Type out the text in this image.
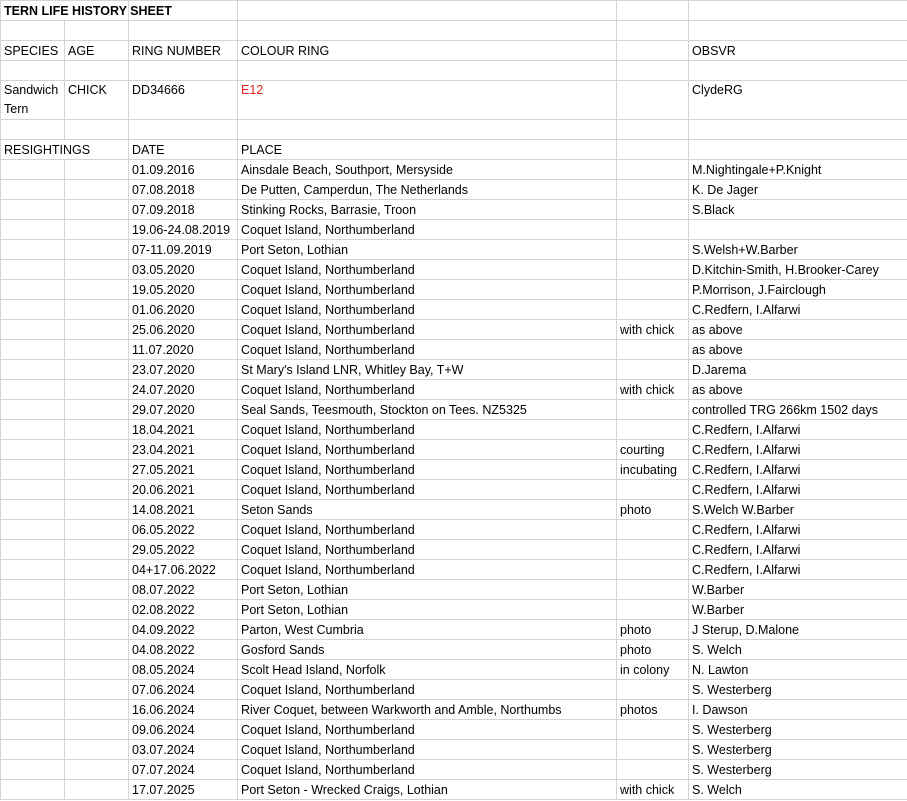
TERN LIFE HISTORY SHEET					

SPECIES	AGE	RING NUMBER	COLOUR RING		OBSVR

Sandwich Tern	CHICK	DD34666	E12		ClydeRG

RESIGHTINGS		DATE	PLACE		
		01.09.2016	Ainsdale Beach, Southport, Mersyside		M.Nightingale+P.Knight
		07.08.2018	De Putten, Camperdun, The Netherlands		K. De Jager
		07.09.2018	Stinking Rocks, Barrasie, Troon		S.Black
		19.06-24.08.2019	Coquet Island, Northumberland		
		07-11.09.2019	Port Seton, Lothian		S.Welsh+W.Barber
		03.05.2020	Coquet Island, Northumberland		D.Kitchin-Smith, H.Brooker-Carey
		19.05.2020	Coquet Island, Northumberland		P.Morrison, J.Fairclough
		01.06.2020	Coquet Island, Northumberland		C.Redfern, I.Alfarwi
		25.06.2020	Coquet Island, Northumberland	with chick	as above
		11.07.2020	Coquet Island, Northumberland		as above
		23.07.2020	St Mary's Island LNR, Whitley Bay, T+W		D.Jarema
		24.07.2020	Coquet Island, Northumberland	with chick	as above
		29.07.2020	Seal Sands, Teesmouth, Stockton on Tees. NZ5325		controlled TRG 266km 1502 days
		18.04.2021	Coquet Island, Northumberland		C.Redfern, I.Alfarwi
		23.04.2021	Coquet Island, Northumberland	courting	C.Redfern, I.Alfarwi
		27.05.2021	Coquet Island, Northumberland	incubating	C.Redfern, I.Alfarwi
		20.06.2021	Coquet Island, Northumberland		C.Redfern, I.Alfarwi
		14.08.2021	Seton Sands	photo	S.Welch W.Barber
		06.05.2022	Coquet Island, Northumberland		C.Redfern, I.Alfarwi
		29.05.2022	Coquet Island, Northumberland		C.Redfern, I.Alfarwi
		04+17.06.2022	Coquet Island, Northumberland		C.Redfern, I.Alfarwi
		08.07.2022	Port Seton, Lothian		W.Barber
		02.08.2022	Port Seton, Lothian		W.Barber
		04.09.2022	Parton, West Cumbria	photo	J Sterup, D.Malone
		04.08.2022	Gosford Sands	photo	S. Welch
		08.05.2024	Scolt Head Island, Norfolk	in colony	N. Lawton
		07.06.2024	Coquet Island, Northumberland		S. Westerberg
		16.06.2024	River Coquet, between Warkworth and Amble, Northumbs	photos	I. Dawson
		09.06.2024	Coquet Island, Northumberland		S. Westerberg
		03.07.2024	Coquet Island, Northumberland		S. Westerberg
		07.07.2024	Coquet Island, Northumberland		S. Westerberg
		17.07.2025	Port Seton - Wrecked Craigs, Lothian	with chick	S. Welch
